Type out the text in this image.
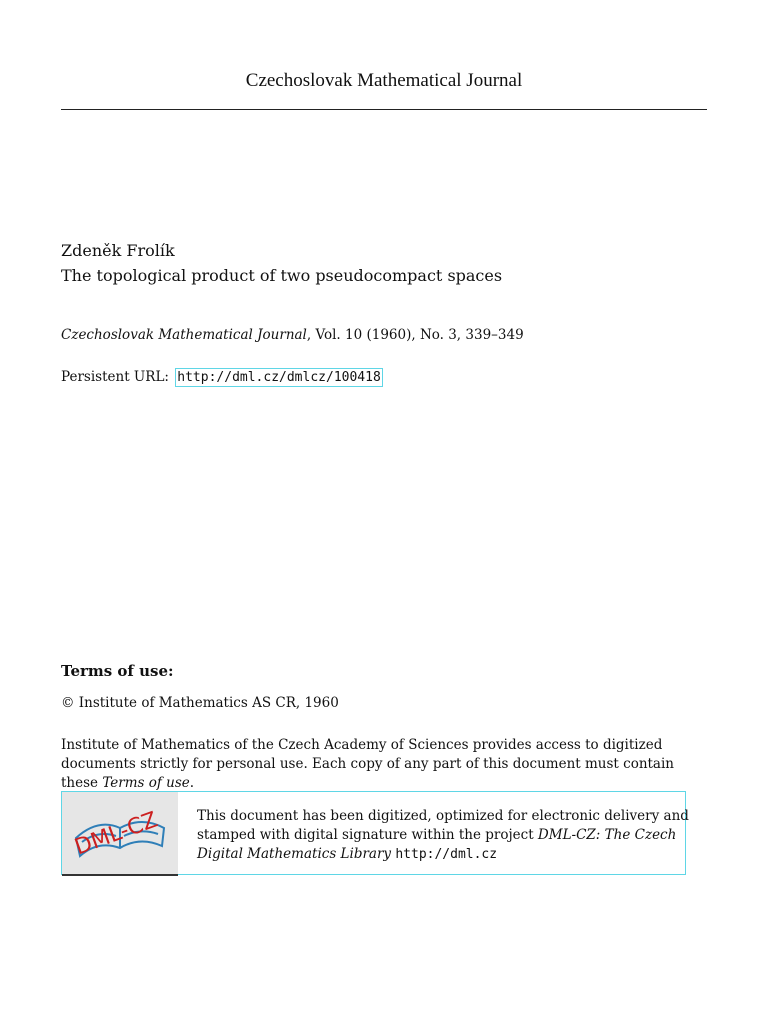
Czechoslovak Mathematical Journal
Zdeněk Frolík
The topological product of two pseudocompact spaces
Czechoslovak Mathematical Journal, Vol. 10 (1960), No. 3, 339–349
Persistent URL: http://dml.cz/dmlcz/100418
Terms of use:
© Institute of Mathematics AS CR, 1960
Institute of Mathematics of the Czech Academy of Sciences provides access to digitized documents strictly for personal use. Each copy of any part of this document must contain these Terms of use.
DML-CZ	This document has been digitized, optimized for electronic delivery and stamped with digital signature within the project DML-CZ: The Czech Digital Mathematics Library http://dml.cz
